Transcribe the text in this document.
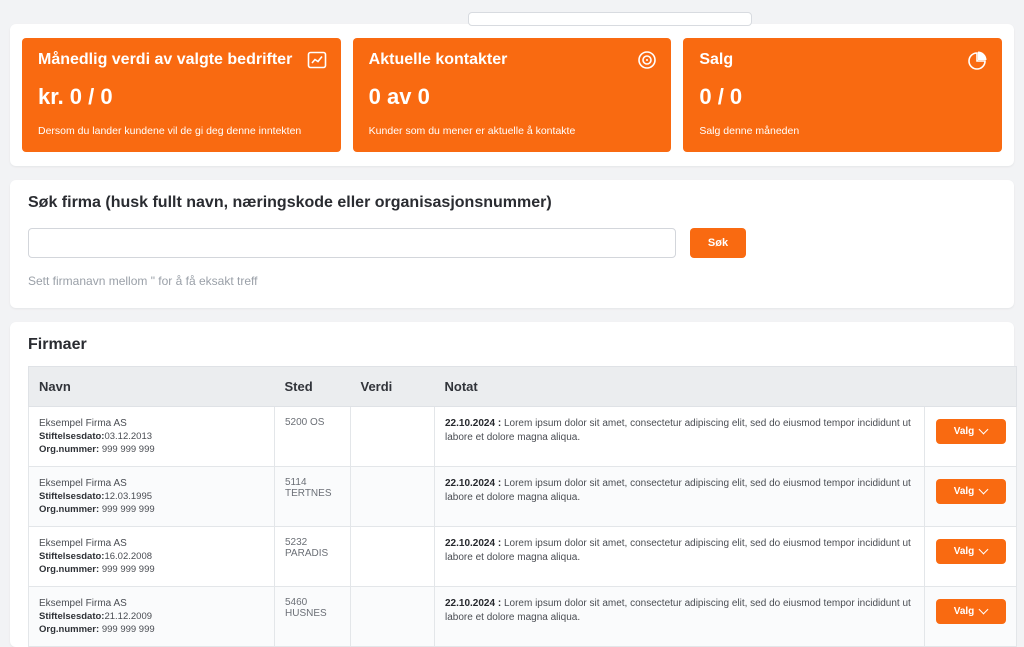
Månedlig verdi av valgte bedrifter
kr. 0 / 0
Dersom du lander kundene vil de gi deg denne inntekten
Aktuelle kontakter
0 av 0
Kunder som du mener er aktuelle å kontakte
Salg
0 / 0
Salg denne måneden
Søk firma (husk fullt navn, næringskode eller organisasjonsnummer)
Søk
Sett firmanavn mellom " for å få eksakt treff
Firmaer
Navn	Sted	Verdi	Notat	

Eksempel Firma AS
Stiftelsesdato:03.12.2013
Org.nummer: 999 999 999	5200 OS		22.10.2024 : Lorem ipsum dolor sit amet, consectetur adipiscing elit, sed do eiusmod tempor incididunt ut labore et dolore magna aliqua.	Valg

Eksempel Firma AS
Stiftelsesdato:12.03.1995
Org.nummer: 999 999 999	5114 TERTNES		22.10.2024 : Lorem ipsum dolor sit amet, consectetur adipiscing elit, sed do eiusmod tempor incididunt ut labore et dolore magna aliqua.	Valg

Eksempel Firma AS
Stiftelsesdato:16.02.2008
Org.nummer: 999 999 999	5232 PARADIS		22.10.2024 : Lorem ipsum dolor sit amet, consectetur adipiscing elit, sed do eiusmod tempor incididunt ut labore et dolore magna aliqua.	Valg

Eksempel Firma AS
Stiftelsesdato:21.12.2009
Org.nummer: 999 999 999	5460 HUSNES		22.10.2024 : Lorem ipsum dolor sit amet, consectetur adipiscing elit, sed do eiusmod tempor incididunt ut labore et dolore magna aliqua.	Valg
